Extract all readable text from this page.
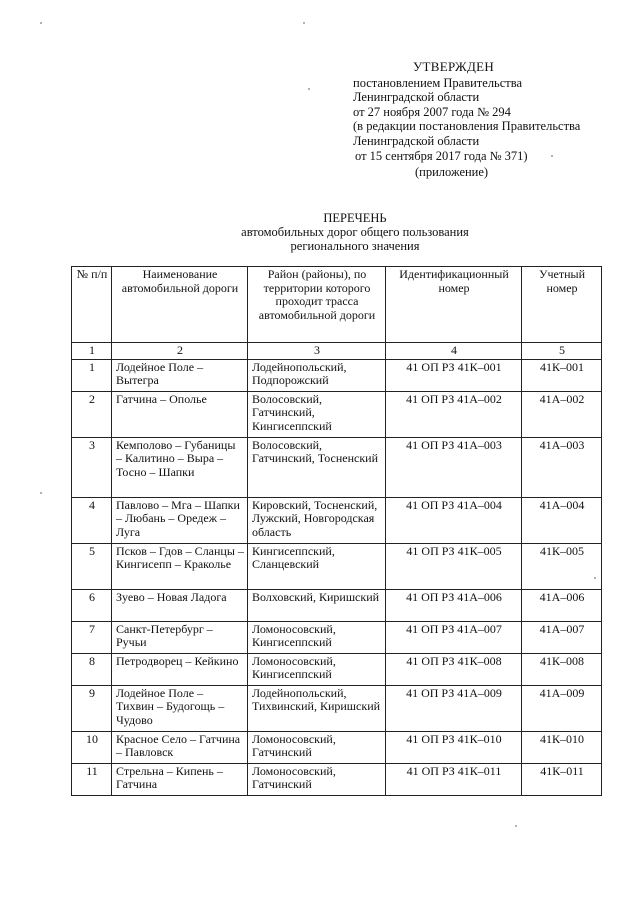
УТВЕРЖДЕН
постановлением Правительства
Ленинградской области
от 27 ноября 2007 года № 294
(в редакции постановления Правительства
Ленинградской области
от 15 сентября 2017 года № 371)
(приложение)
ПЕРЕЧЕНЬ
автомобильных дорог общего пользования
регионального значения
№ п/п	Наименование автомобильной дороги	Район (районы), по территории которого проходит трасса автомобильной дороги	Идентификационный номер	Учетный номер
1	2	3	4	5
1	Лодейное Поле – Вытегра	Лодейнопольский, Подпорожский	41 ОП РЗ 41К–001	41К–001
2	Гатчина – Ополье	Волосовский, Гатчинский, Кингисеппский	41 ОП РЗ 41А–002	41А–002
3	Кемполово – Губаницы – Калитино – Выра – Тосно – Шапки	Волосовский, Гатчинский, Тосненский	41 ОП РЗ 41А–003	41А–003
4	Павлово – Мга – Шапки – Любань – Оредеж – Луга	Кировский, Тосненский, Лужский, Новгородская область	41 ОП РЗ 41А–004	41А–004
5	Псков – Гдов – Сланцы – Кингисепп – Краколье	Кингисеппский, Сланцевский	41 ОП РЗ 41К–005	41К–005
6	Зуево – Новая Ладога	Волховский, Киришский	41 ОП РЗ 41А–006	41А–006
7	Санкт-Петербург – Ручьи	Ломоносовский, Кингисеппский	41 ОП РЗ 41А–007	41А–007
8	Петродворец – Кейкино	Ломоносовский, Кингисеппский	41 ОП РЗ 41К–008	41К–008
9	Лодейное Поле – Тихвин – Будогощь – Чудово	Лодейнопольский, Тихвинский, Киришский	41 ОП РЗ 41А–009	41А–009
10	Красное Село – Гатчина – Павловск	Ломоносовский, Гатчинский	41 ОП РЗ 41К–010	41К–010
11	Стрельна – Кипень – Гатчина	Ломоносовский, Гатчинский	41 ОП РЗ 41К–011	41К–011
